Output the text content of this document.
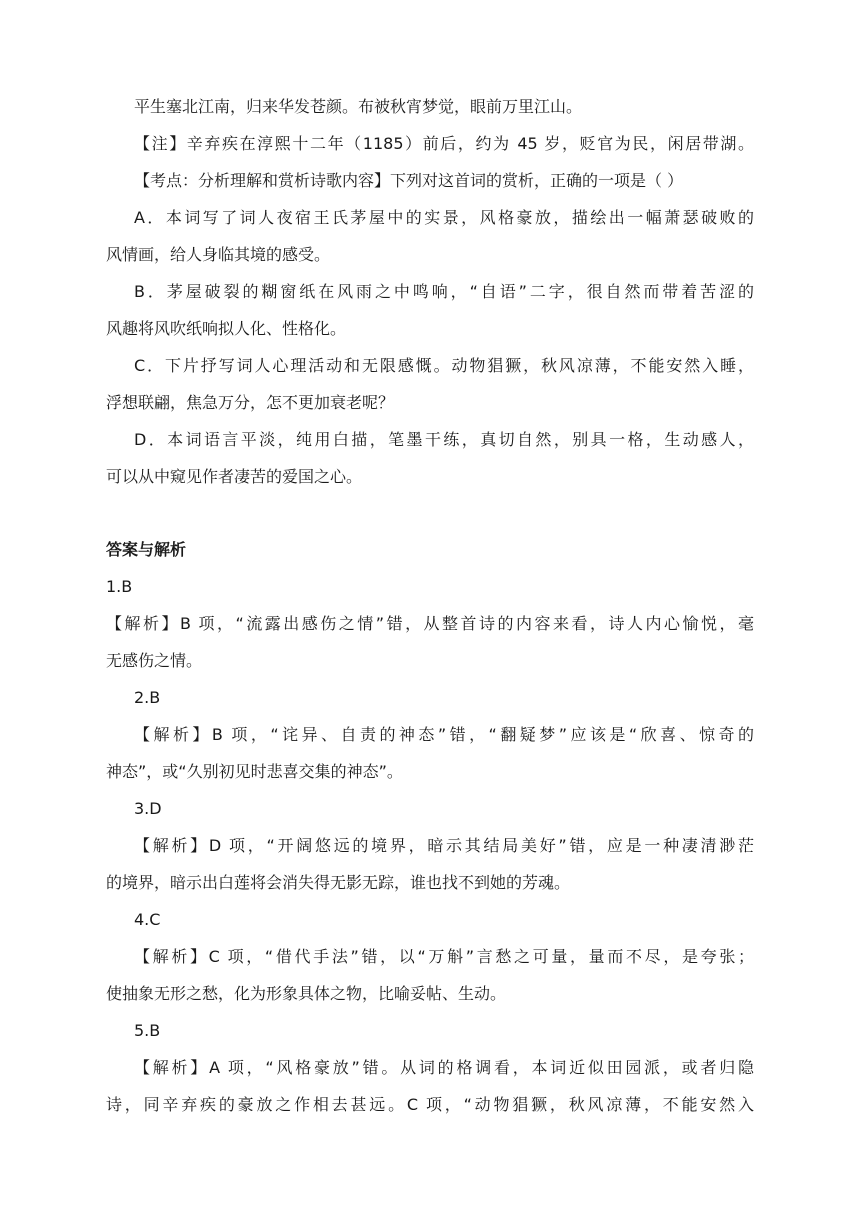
平生塞北江南，归来华发苍颜。布被秋宵梦觉，眼前万里江山。
【注】辛弃疾在淳熙十二年（1185）前后，约为 45 岁，贬官为民，闲居带湖。
【考点：分析理解和赏析诗歌内容】下列对这首词的赏析，正确的一项是（ ）
A．本词写了词人夜宿王氏茅屋中的实景，风格豪放，描绘出一幅萧瑟破败的
风情画，给人身临其境的感受。
B．茅屋破裂的糊窗纸在风雨之中鸣响，“自语”二字，很自然而带着苦涩的
风趣将风吹纸响拟人化、性格化。
C．下片抒写词人心理活动和无限感慨。动物猖獗，秋风凉薄，不能安然入睡，
浮想联翩，焦急万分，怎不更加衰老呢？
D．本词语言平淡，纯用白描，笔墨干练，真切自然，别具一格，生动感人，
可以从中窥见作者凄苦的爱国之心。
答案与解析
1.B
【解析】B 项，“流露出感伤之情”错，从整首诗的内容来看，诗人内心愉悦，毫
无感伤之情。
2.B
【解析】B 项，“诧异、自责的神态”错，“翻疑梦”应该是“欣喜、惊奇的
神态”，或“久别初见时悲喜交集的神态”。
3.D
【解析】D 项，“开阔悠远的境界，暗示其结局美好”错，应是一种凄清渺茫
的境界，暗示出白莲将会消失得无影无踪，谁也找不到她的芳魂。
4.C
【解析】C 项，“借代手法”错，以“万斛”言愁之可量，量而不尽，是夸张；
使抽象无形之愁，化为形象具体之物，比喻妥帖、生动。
5.B
【解析】A 项，“风格豪放”错。从词的格调看，本词近似田园派，或者归隐
诗，同辛弃疾的豪放之作相去甚远。C 项，“动物猖獗，秋风凉薄，不能安然入
